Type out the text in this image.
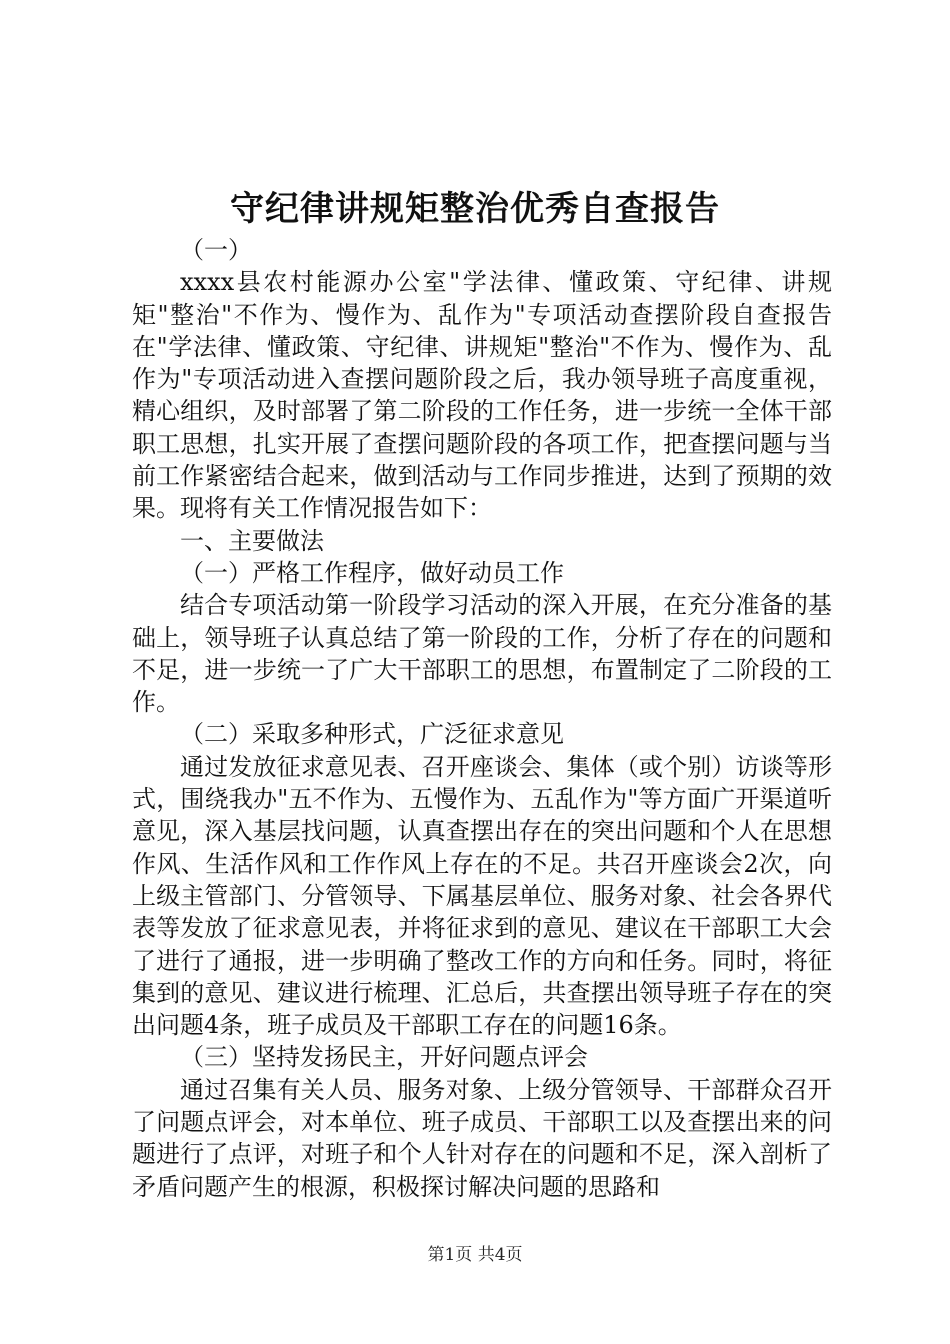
守纪律讲规矩整治优秀自查报告

（一）

xxxx县农村能源办公室"学法律、懂政策、守纪律、讲规矩"整治"不作为、慢作为、乱作为"专项活动查摆阶段自查报告在"学法律、懂政策、守纪律、讲规矩"整治"不作为、慢作为、乱作为"专项活动进入查摆问题阶段之后，我办领导班子高度重视，精心组织，及时部署了第二阶段的工作任务，进一步统一全体干部职工思想，扎实开展了查摆问题阶段的各项工作，把查摆问题与当前工作紧密结合起来，做到活动与工作同步推进，达到了预期的效果。现将有关工作情况报告如下：

一、主要做法

（一）严格工作程序，做好动员工作

结合专项活动第一阶段学习活动的深入开展，在充分准备的基础上，领导班子认真总结了第一阶段的工作，分析了存在的问题和不足，进一步统一了广大干部职工的思想，布置制定了二阶段的工作。

（二）采取多种形式，广泛征求意见

通过发放征求意见表、召开座谈会、集体（或个别）访谈等形式，围绕我办"五不作为、五慢作为、五乱作为"等方面广开渠道听意见，深入基层找问题，认真查摆出存在的突出问题和个人在思想作风、生活作风和工作作风上存在的不足。共召开座谈会2次，向上级主管部门、分管领导、下属基层单位、服务对象、社会各界代表等发放了征求意见表，并将征求到的意见、建议在干部职工大会了进行了通报，进一步明确了整改工作的方向和任务。同时，将征集到的意见、建议进行梳理、汇总后，共查摆出领导班子存在的突出问题4条，班子成员及干部职工存在的问题16条。

（三）坚持发扬民主，开好问题点评会

通过召集有关人员、服务对象、上级分管领导、干部群众召开了问题点评会，对本单位、班子成员、干部职工以及查摆出来的问题进行了点评，对班子和个人针对存在的问题和不足，深入剖析了矛盾问题产生的根源，积极探讨解决问题的思路和

第1页 共4页
